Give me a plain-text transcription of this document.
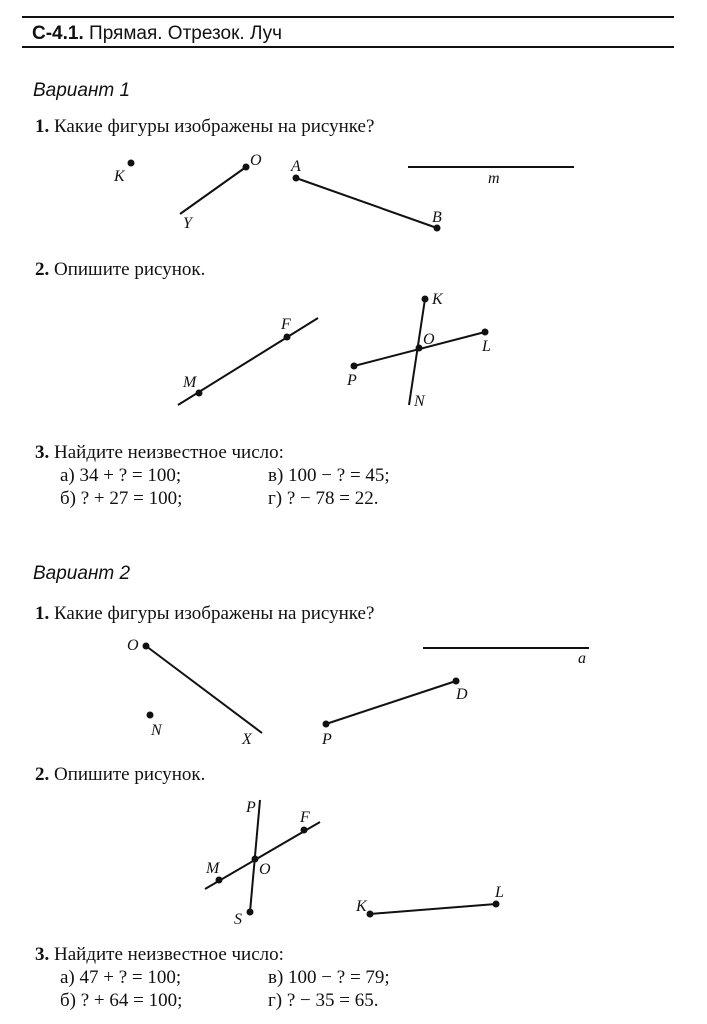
С-4.1. Прямая. Отрезок. Луч
Вариант 1
1. Какие фигуры изображены на рисунке?
2. Опишите рисунок.
3. Найдите неизвестное число:
а) 34 + ? = 100;	в) 100 − ? = 45;
б) ? + 27 = 100;	г) ? − 78 = 22.
Вариант 2
1. Какие фигуры изображены на рисунке?
2. Опишите рисунок.
3. Найдите неизвестное число:
а) 47 + ? = 100;	в) 100 − ? = 79;
б) ? + 64 = 100;	г) ? − 35 = 65.
K
O
Y
A
B
m
F
M
K
O	L
P
N
O
X
N
P
D
a
P
F
M O
S
K
L
